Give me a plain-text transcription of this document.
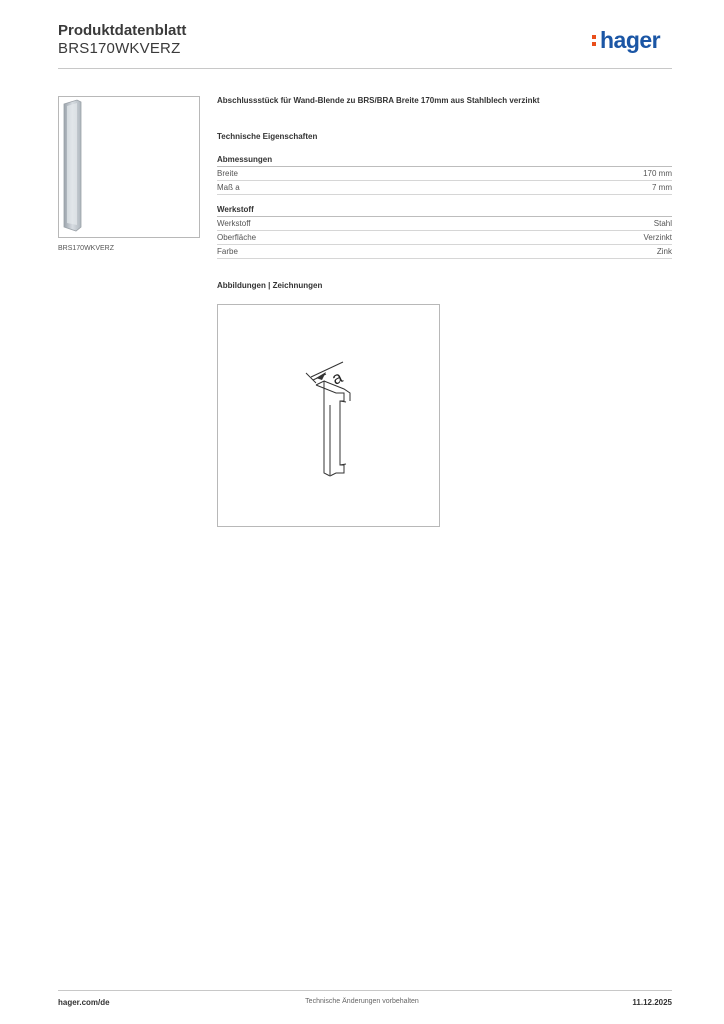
Produktdatenblatt
BRS170WKVERZ	hager
BRS170WKVERZ
Abschlussstück für Wand-Blende zu BRS/BRA Breite 170mm aus Stahlblech verzinkt
Technische Eigenschaften
Abmessungen
Breite	170 mm
Maß a	7 mm
Werkstoff
Werkstoff	Stahl
Oberfläche	Verzinkt
Farbe	Zink
Abbildungen | Zeichnungen
a
hager.com/de	Technische Änderungen vorbehalten	11.12.2025
